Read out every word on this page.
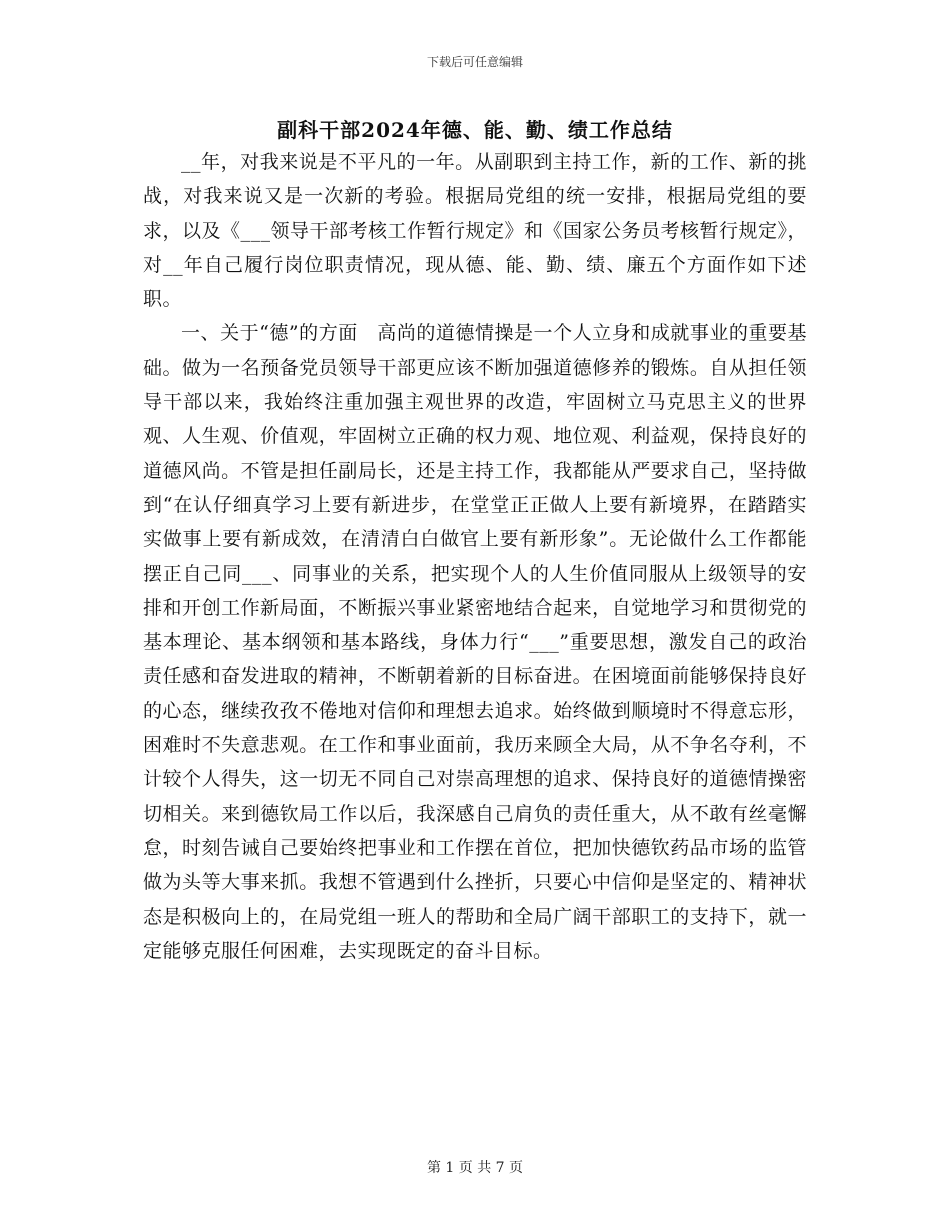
下载后可任意编辑
副科干部2024年德、能、勤、绩工作总结

__年，对我来说是不平凡的一年。从副职到主持工作，新的工作、新的挑战，对我来说又是一次新的考验。根据局党组的统一安排，根据局党组的要求，以及《___领导干部考核工作暂行规定》和《国家公务员考核暂行规定》，对__年自己履行岗位职责情况，现从德、能、勤、绩、廉五个方面作如下述职。

一、关于“德”的方面　高尚的道德情操是一个人立身和成就事业的重要基础。做为一名预备党员领导干部更应该不断加强道德修养的锻炼。自从担任领导干部以来，我始终注重加强主观世界的改造，牢固树立马克思主义的世界观、人生观、价值观，牢固树立正确的权力观、地位观、利益观，保持良好的道德风尚。不管是担任副局长，还是主持工作，我都能从严要求自己，坚持做到“在认仔细真学习上要有新进步，在堂堂正正做人上要有新境界，在踏踏实实做事上要有新成效，在清清白白做官上要有新形象”。无论做什么工作都能摆正自己同___、同事业的关系，把实现个人的人生价值同服从上级领导的安排和开创工作新局面，不断振兴事业紧密地结合起来，自觉地学习和贯彻党的基本理论、基本纲领和基本路线，身体力行“___”重要思想，激发自己的政治责任感和奋发进取的精神，不断朝着新的目标奋进。在困境面前能够保持良好的心态，继续孜孜不倦地对信仰和理想去追求。始终做到顺境时不得意忘形，困难时不失意悲观。在工作和事业面前，我历来顾全大局，从不争名夺利，不计较个人得失，这一切无不同自己对崇高理想的追求、保持良好的道德情操密切相关。来到德钦局工作以后，我深感自己肩负的责任重大，从不敢有丝毫懈怠，时刻告诫自己要始终把事业和工作摆在首位，把加快德钦药品市场的监管做为头等大事来抓。我想不管遇到什么挫折，只要心中信仰是坚定的、精神状态是积极向上的，在局党组一班人的帮助和全局广阔干部职工的支持下，就一定能够克服任何困难，去实现既定的奋斗目标。

第 1 页 共 7 页
